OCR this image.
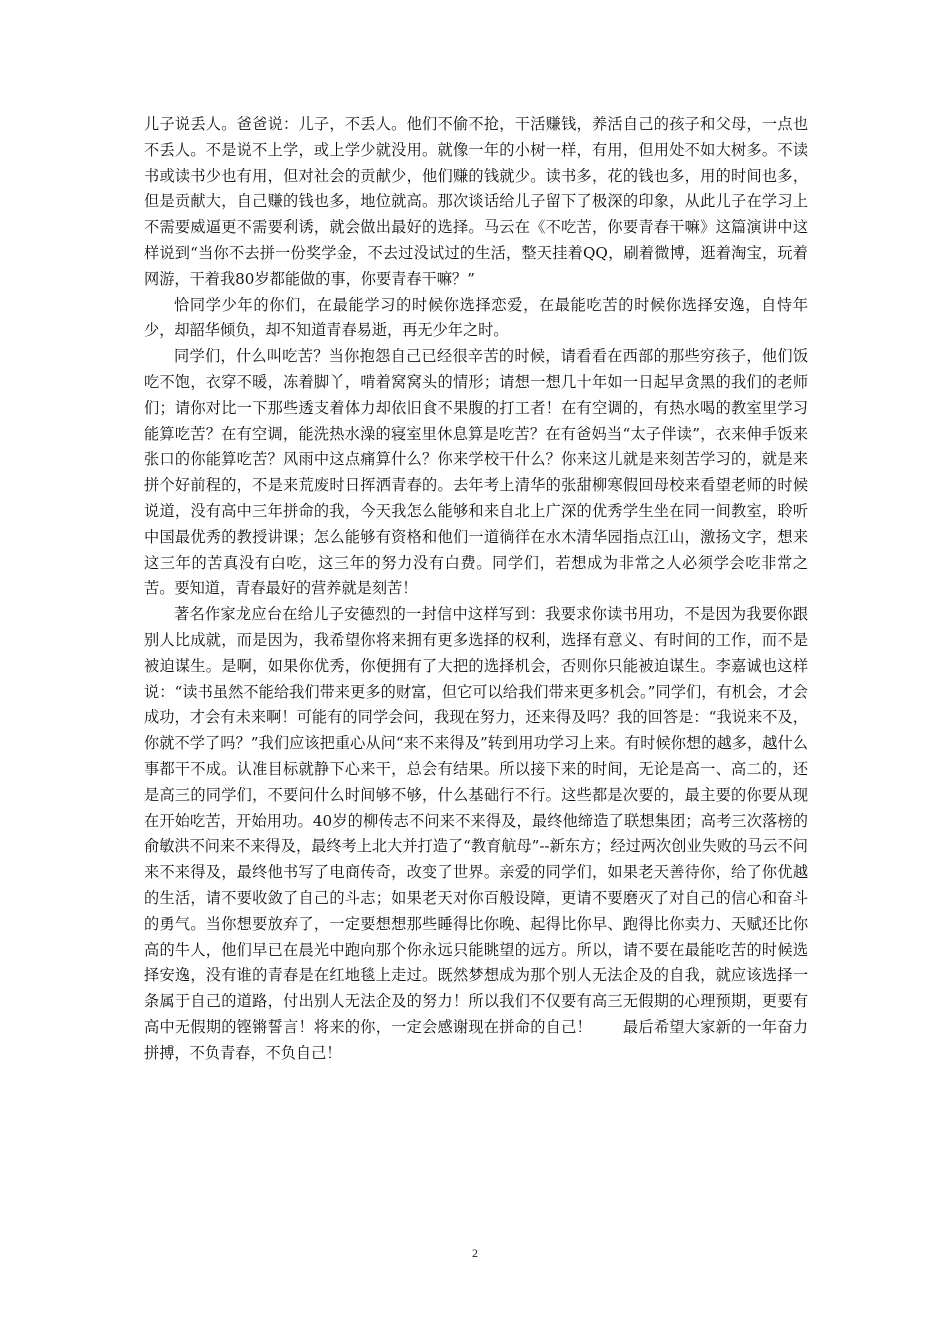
儿子说丢人。爸爸说：儿子，不丢人。他们不偷不抢，干活赚钱，养活自己的孩子和父母，一点也不丢人。不是说不上学，或上学少就没用。就像一年的小树一样，有用，但用处不如大树多。不读书或读书少也有用，但对社会的贡献少，他们赚的钱就少。读书多，花的钱也多，用的时间也多，但是贡献大，自己赚的钱也多，地位就高。那次谈话给儿子留下了极深的印象，从此儿子在学习上不需要威逼更不需要利诱，就会做出最好的选择。马云在《不吃苦，你要青春干嘛》这篇演讲中这样说到“当你不去拼一份奖学金，不去过没试过的生活，整天挂着QQ，刷着微博，逛着淘宝，玩着网游，干着我80岁都能做的事，你要青春干嘛？”

恰同学少年的你们，在最能学习的时候你选择恋爱，在最能吃苦的时候你选择安逸，自恃年少，却韶华倾负，却不知道青春易逝，再无少年之时。

同学们，什么叫吃苦？当你抱怨自己已经很辛苦的时候，请看看在西部的那些穷孩子，他们饭吃不饱，衣穿不暖，冻着脚丫，啃着窝窝头的情形；请想一想几十年如一日起早贪黑的我们的老师们；请你对比一下那些透支着体力却依旧食不果腹的打工者！在有空调的，有热水喝的教室里学习能算吃苦？在有空调，能洗热水澡的寝室里休息算是吃苦？在有爸妈当“太子伴读”，衣来伸手饭来张口的你能算吃苦？风雨中这点痛算什么？你来学校干什么？你来这儿就是来刻苦学习的，就是来拼个好前程的，不是来荒废时日挥洒青春的。去年考上清华的张甜柳寒假回母校来看望老师的时候说道，没有高中三年拼命的我，今天我怎么能够和来自北上广深的优秀学生坐在同一间教室，聆听中国最优秀的教授讲课；怎么能够有资格和他们一道徜徉在水木清华园指点江山，激扬文字，想来这三年的苦真没有白吃，这三年的努力没有白费。同学们，若想成为非常之人必须学会吃非常之苦。要知道，青春最好的营养就是刻苦！

著名作家龙应台在给儿子安德烈的一封信中这样写到：我要求你读书用功，不是因为我要你跟别人比成就，而是因为，我希望你将来拥有更多选择的权利，选择有意义、有时间的工作，而不是被迫谋生。是啊，如果你优秀，你便拥有了大把的选择机会，否则你只能被迫谋生。李嘉诚也这样说：“读书虽然不能给我们带来更多的财富，但它可以给我们带来更多机会。”同学们，有机会，才会成功，才会有未来啊！可能有的同学会问，我现在努力，还来得及吗？我的回答是：“我说来不及，你就不学了吗？”我们应该把重心从问“来不来得及”转到用功学习上来。有时候你想的越多，越什么事都干不成。认准目标就静下心来干，总会有结果。所以接下来的时间，无论是高一、高二的，还是高三的同学们，不要问什么时间够不够，什么基础行不行。这些都是次要的，最主要的你要从现在开始吃苦，开始用功。40岁的柳传志不问来不来得及，最终他缔造了联想集团；高考三次落榜的俞敏洪不问来不来得及，最终考上北大并打造了“教育航母”--新东方；经过两次创业失败的马云不问来不来得及，最终他书写了电商传奇，改变了世界。亲爱的同学们，如果老天善待你，给了你优越的生活，请不要收敛了自己的斗志；如果老天对你百般设障，更请不要磨灭了对自己的信心和奋斗的勇气。当你想要放弃了，一定要想想那些睡得比你晚、起得比你早、跑得比你卖力、天赋还比你高的牛人，他们早已在晨光中跑向那个你永远只能眺望的远方。所以，请不要在最能吃苦的时候选择安逸，没有谁的青春是在红地毯上走过。既然梦想成为那个别人无法企及的自我，就应该选择一条属于自己的道路，付出别人无法企及的努力！所以我们不仅要有高三无假期的心理预期，更要有高中无假期的铿锵誓言！将来的你，一定会感谢现在拼命的自己！　　最后希望大家新的一年奋力拼搏，不负青春，不负自己！

2
